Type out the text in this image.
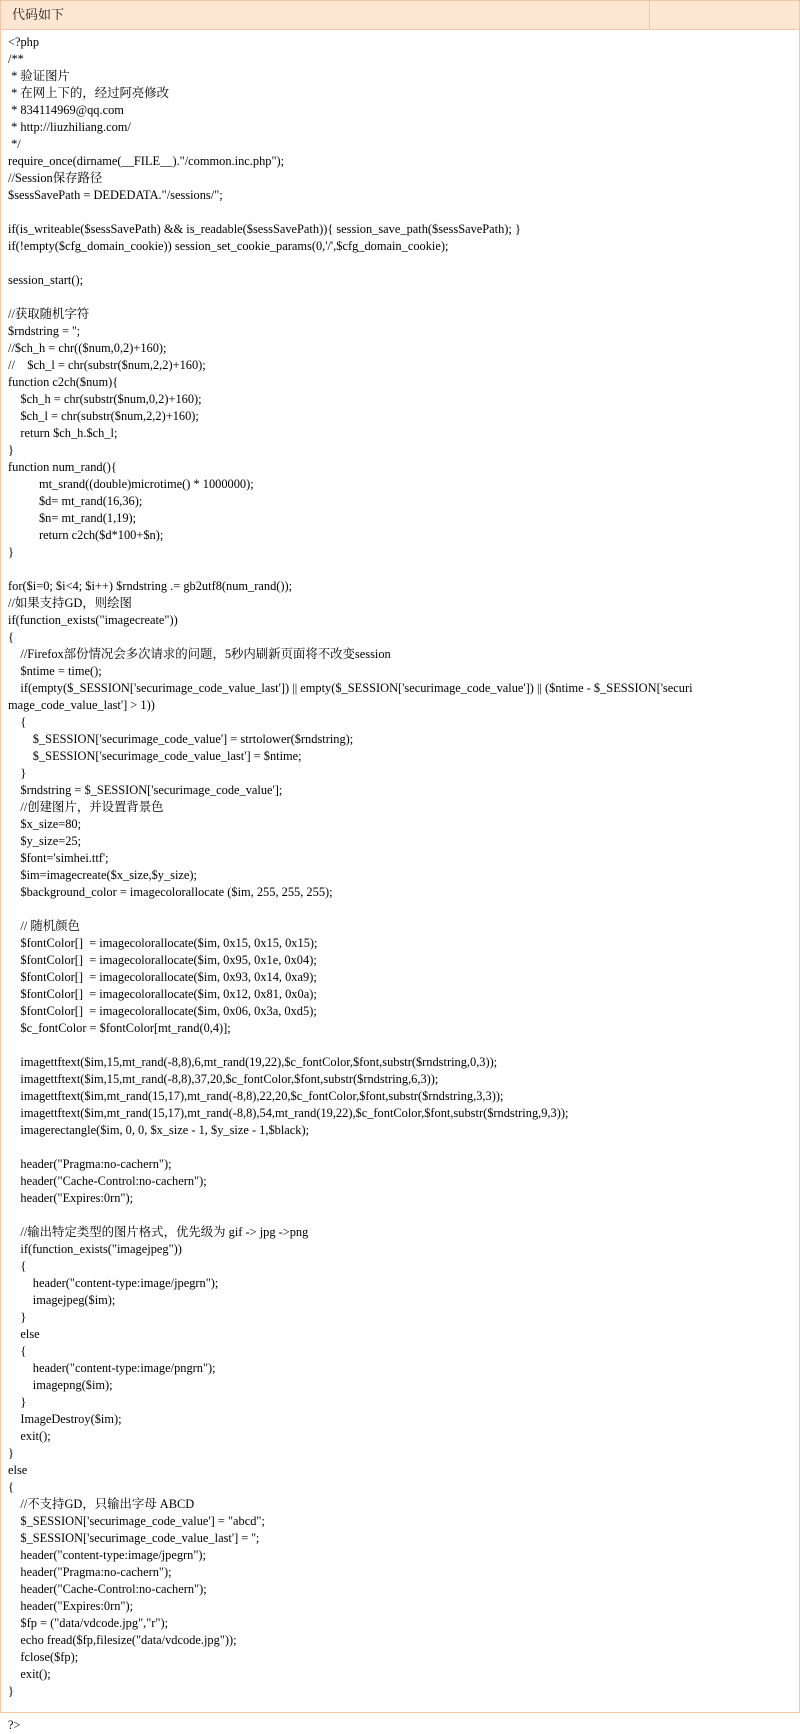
代码如下
<?php
/**
* 验证图片
* 在网上下的，经过阿亮修改
* 834114969@qq.com
* http://liuzhiliang.com/
*/
require_once(dirname(__FILE__)."/common.inc.php");
//Session保存路径
$sessSavePath = DEDEDATA."/sessions/";
if(is_writeable($sessSavePath) && is_readable($sessSavePath)){ session_save_path($sessSavePath); }
if(!empty($cfg_domain_cookie)) session_set_cookie_params(0,'/',$cfg_domain_cookie);
session_start();
//获取随机字符
$rndstring = '';
//$ch_h = chr(($num,0,2)+160);
//    $ch_l = chr(substr($num,2,2)+160);
function c2ch($num){
$ch_h = chr(substr($num,0,2)+160);
$ch_l = chr(substr($num,2,2)+160);
return $ch_h.$ch_l;
}
function num_rand(){
mt_srand((double)microtime() * 1000000);
$d= mt_rand(16,36);
$n= mt_rand(1,19);
return c2ch($d*100+$n);
}
for($i=0; $i<4; $i++) $rndstring .= gb2utf8(num_rand());
//如果支持GD，则绘图
if(function_exists("imagecreate"))
{
//Firefox部份情况会多次请求的问题，5秒内刷新页面将不改变session
$ntime = time();
if(empty($_SESSION['securimage_code_value_last']) || empty($_SESSION['securimage_code_value']) || ($ntime - $_SESSION['securi
mage_code_value_last'] > 1))
{
$_SESSION['securimage_code_value'] = strtolower($rndstring);
$_SESSION['securimage_code_value_last'] = $ntime;
}
$rndstring = $_SESSION['securimage_code_value'];
//创建图片，并设置背景色
$x_size=80;
$y_size=25;
$font='simhei.ttf';
$im=imagecreate($x_size,$y_size);
$background_color = imagecolorallocate ($im, 255, 255, 255);
// 随机颜色
$fontColor[]  = imagecolorallocate($im, 0x15, 0x15, 0x15);
$fontColor[]  = imagecolorallocate($im, 0x95, 0x1e, 0x04);
$fontColor[]  = imagecolorallocate($im, 0x93, 0x14, 0xa9);
$fontColor[]  = imagecolorallocate($im, 0x12, 0x81, 0x0a);
$fontColor[]  = imagecolorallocate($im, 0x06, 0x3a, 0xd5);
$c_fontColor = $fontColor[mt_rand(0,4)];
imagettftext($im,15,mt_rand(-8,8),6,mt_rand(19,22),$c_fontColor,$font,substr($rndstring,0,3));
imagettftext($im,15,mt_rand(-8,8),37,20,$c_fontColor,$font,substr($rndstring,6,3));
imagettftext($im,mt_rand(15,17),mt_rand(-8,8),22,20,$c_fontColor,$font,substr($rndstring,3,3));
imagettftext($im,mt_rand(15,17),mt_rand(-8,8),54,mt_rand(19,22),$c_fontColor,$font,substr($rndstring,9,3));
imagerectangle($im, 0, 0, $x_size - 1, $y_size - 1,$black);
header("Pragma:no-cachern");
header("Cache-Control:no-cachern");
header("Expires:0rn");
//输出特定类型的图片格式，优先级为 gif -> jpg ->png
if(function_exists("imagejpeg"))
{
header("content-type:image/jpegrn");
imagejpeg($im);
}
else
{
header("content-type:image/pngrn");
imagepng($im);
}
ImageDestroy($im);
exit();
}
else
{
//不支持GD，只输出字母 ABCD
$_SESSION['securimage_code_value'] = "abcd";
$_SESSION['securimage_code_value_last'] = '';
header("content-type:image/jpegrn");
header("Pragma:no-cachern");
header("Cache-Control:no-cachern");
header("Expires:0rn");
$fp = ("data/vdcode.jpg","r");
echo fread($fp,filesize("data/vdcode.jpg"));
fclose($fp);
exit();
}
?>
